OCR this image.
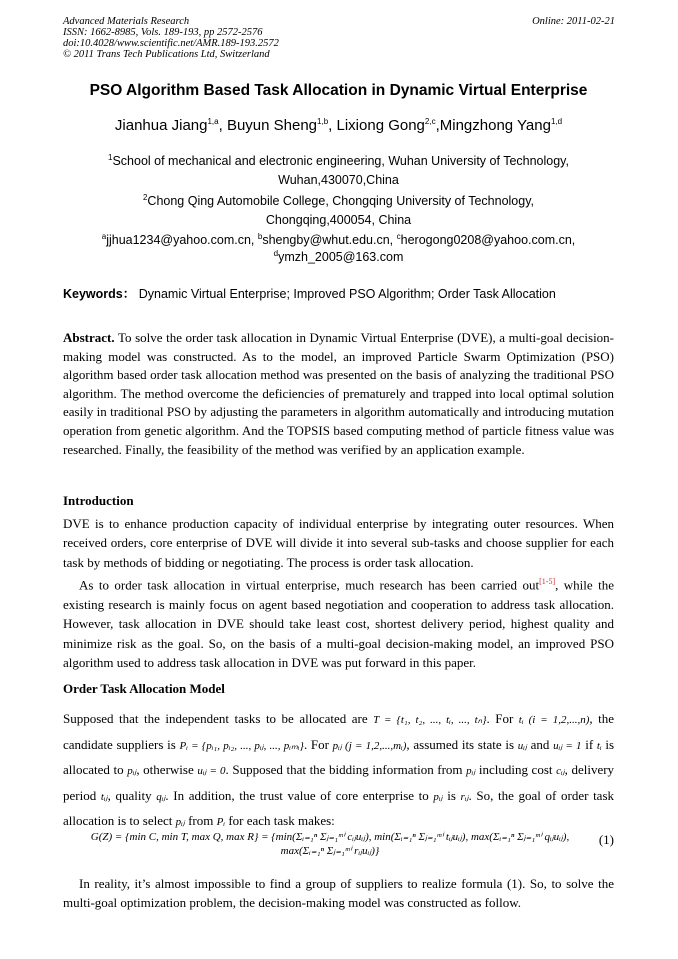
Advanced Materials Research
ISSN: 1662-8985, Vols. 189-193, pp 2572-2576
doi:10.4028/www.scientific.net/AMR.189-193.2572
© 2011 Trans Tech Publications Ltd, Switzerland
Online: 2011-02-21
PSO Algorithm Based Task Allocation in Dynamic Virtual Enterprise
Jianhua Jiang$^{1,a}$, Buyun Sheng$^{1,b}$, Lixiong Gong$^{2,c}$,Mingzhong Yang$^{1,d}$
$^1$School of mechanical and electronic engineering, Wuhan University of Technology,
Wuhan,430070,China
$^2$Chong Qing Automobile College, Chongqing University of Technology,
Chongqing,400054, China
$^a$jjhua1234@yahoo.com.cn, $^b$shengby@whut.edu.cn, $^c$herogong0208@yahoo.com.cn,
$^d$ymzh_2005@163.com
Keywords： Dynamic Virtual Enterprise; Improved PSO Algorithm; Order Task Allocation

Abstract. To solve the order task allocation in Dynamic Virtual Enterprise (DVE), a multi-goal decision-making model was constructed. As to the model, an improved Particle Swarm Optimization (PSO) algorithm based order task allocation method was presented on the basis of analyzing the traditional PSO algorithm. The method overcome the deficiencies of prematurely and trapped into local optimal solution easily in traditional PSO by adjusting the parameters in algorithm automatically and introducing mutation operation from genetic algorithm. And the TOPSIS based computing method of particle fitness value was researched. Finally, the feasibility of the method was verified by an application example.

Introduction

DVE is to enhance production capacity of individual enterprise by integrating outer resources. When received orders, core enterprise of DVE will divide it into several sub-tasks and choose supplier for each task by methods of bidding or negotiating. The process is order task allocation.

As to order task allocation in virtual enterprise, much research has been carried out[1-5], while the existing research is mainly focus on agent based negotiation and cooperation to address task allocation. However, task allocation in DVE should take least cost, shortest delivery period, highest quality and minimize risk as the goal. So, on the basis of a multi-goal decision-making model, an improved PSO algorithm used to address task allocation in DVE was put forward in this paper.

Order Task Allocation Model

Supposed that the independent tasks to be allocated are T = {t₁, t₂, ..., tᵢ, ..., tₙ}. For tᵢ (i = 1,2,...,n), the candidate suppliers is Pᵢ = {pᵢ₁, pᵢ₂, ..., pᵢⱼ, ..., pᵢₘᵢ}. For pᵢⱼ (j = 1,2,...,mᵢ), assumed its state is uᵢⱼ and uᵢⱼ = 1 if tᵢ is allocated to pᵢⱼ, otherwise uᵢⱼ = 0. Supposed that the bidding information from pᵢⱼ including cost cᵢⱼ, delivery period tᵢⱼ, quality qᵢⱼ. In addition, the trust value of core enterprise to pᵢⱼ is rᵢⱼ. So, the goal of order task allocation is to select pᵢⱼ from Pᵢ for each task makes:

G(Z) = {min C, min T, max Q, max R} = {min(Σᵢ₌₁ⁿ Σⱼ₌₁ᵐⁱ cᵢⱼuᵢⱼ), min(Σᵢ₌₁ⁿ Σⱼ₌₁ᵐⁱ tᵢⱼuᵢⱼ), max(Σᵢ₌₁ⁿ Σⱼ₌₁ᵐⁱ qᵢⱼuᵢⱼ), max(Σᵢ₌₁ⁿ Σⱼ₌₁ᵐⁱ rᵢⱼuᵢⱼ)}
(1)

In reality, it’s almost impossible to find a group of suppliers to realize formula (1). So, to solve the multi-goal optimization problem, the decision-making model was constructed as follow.
